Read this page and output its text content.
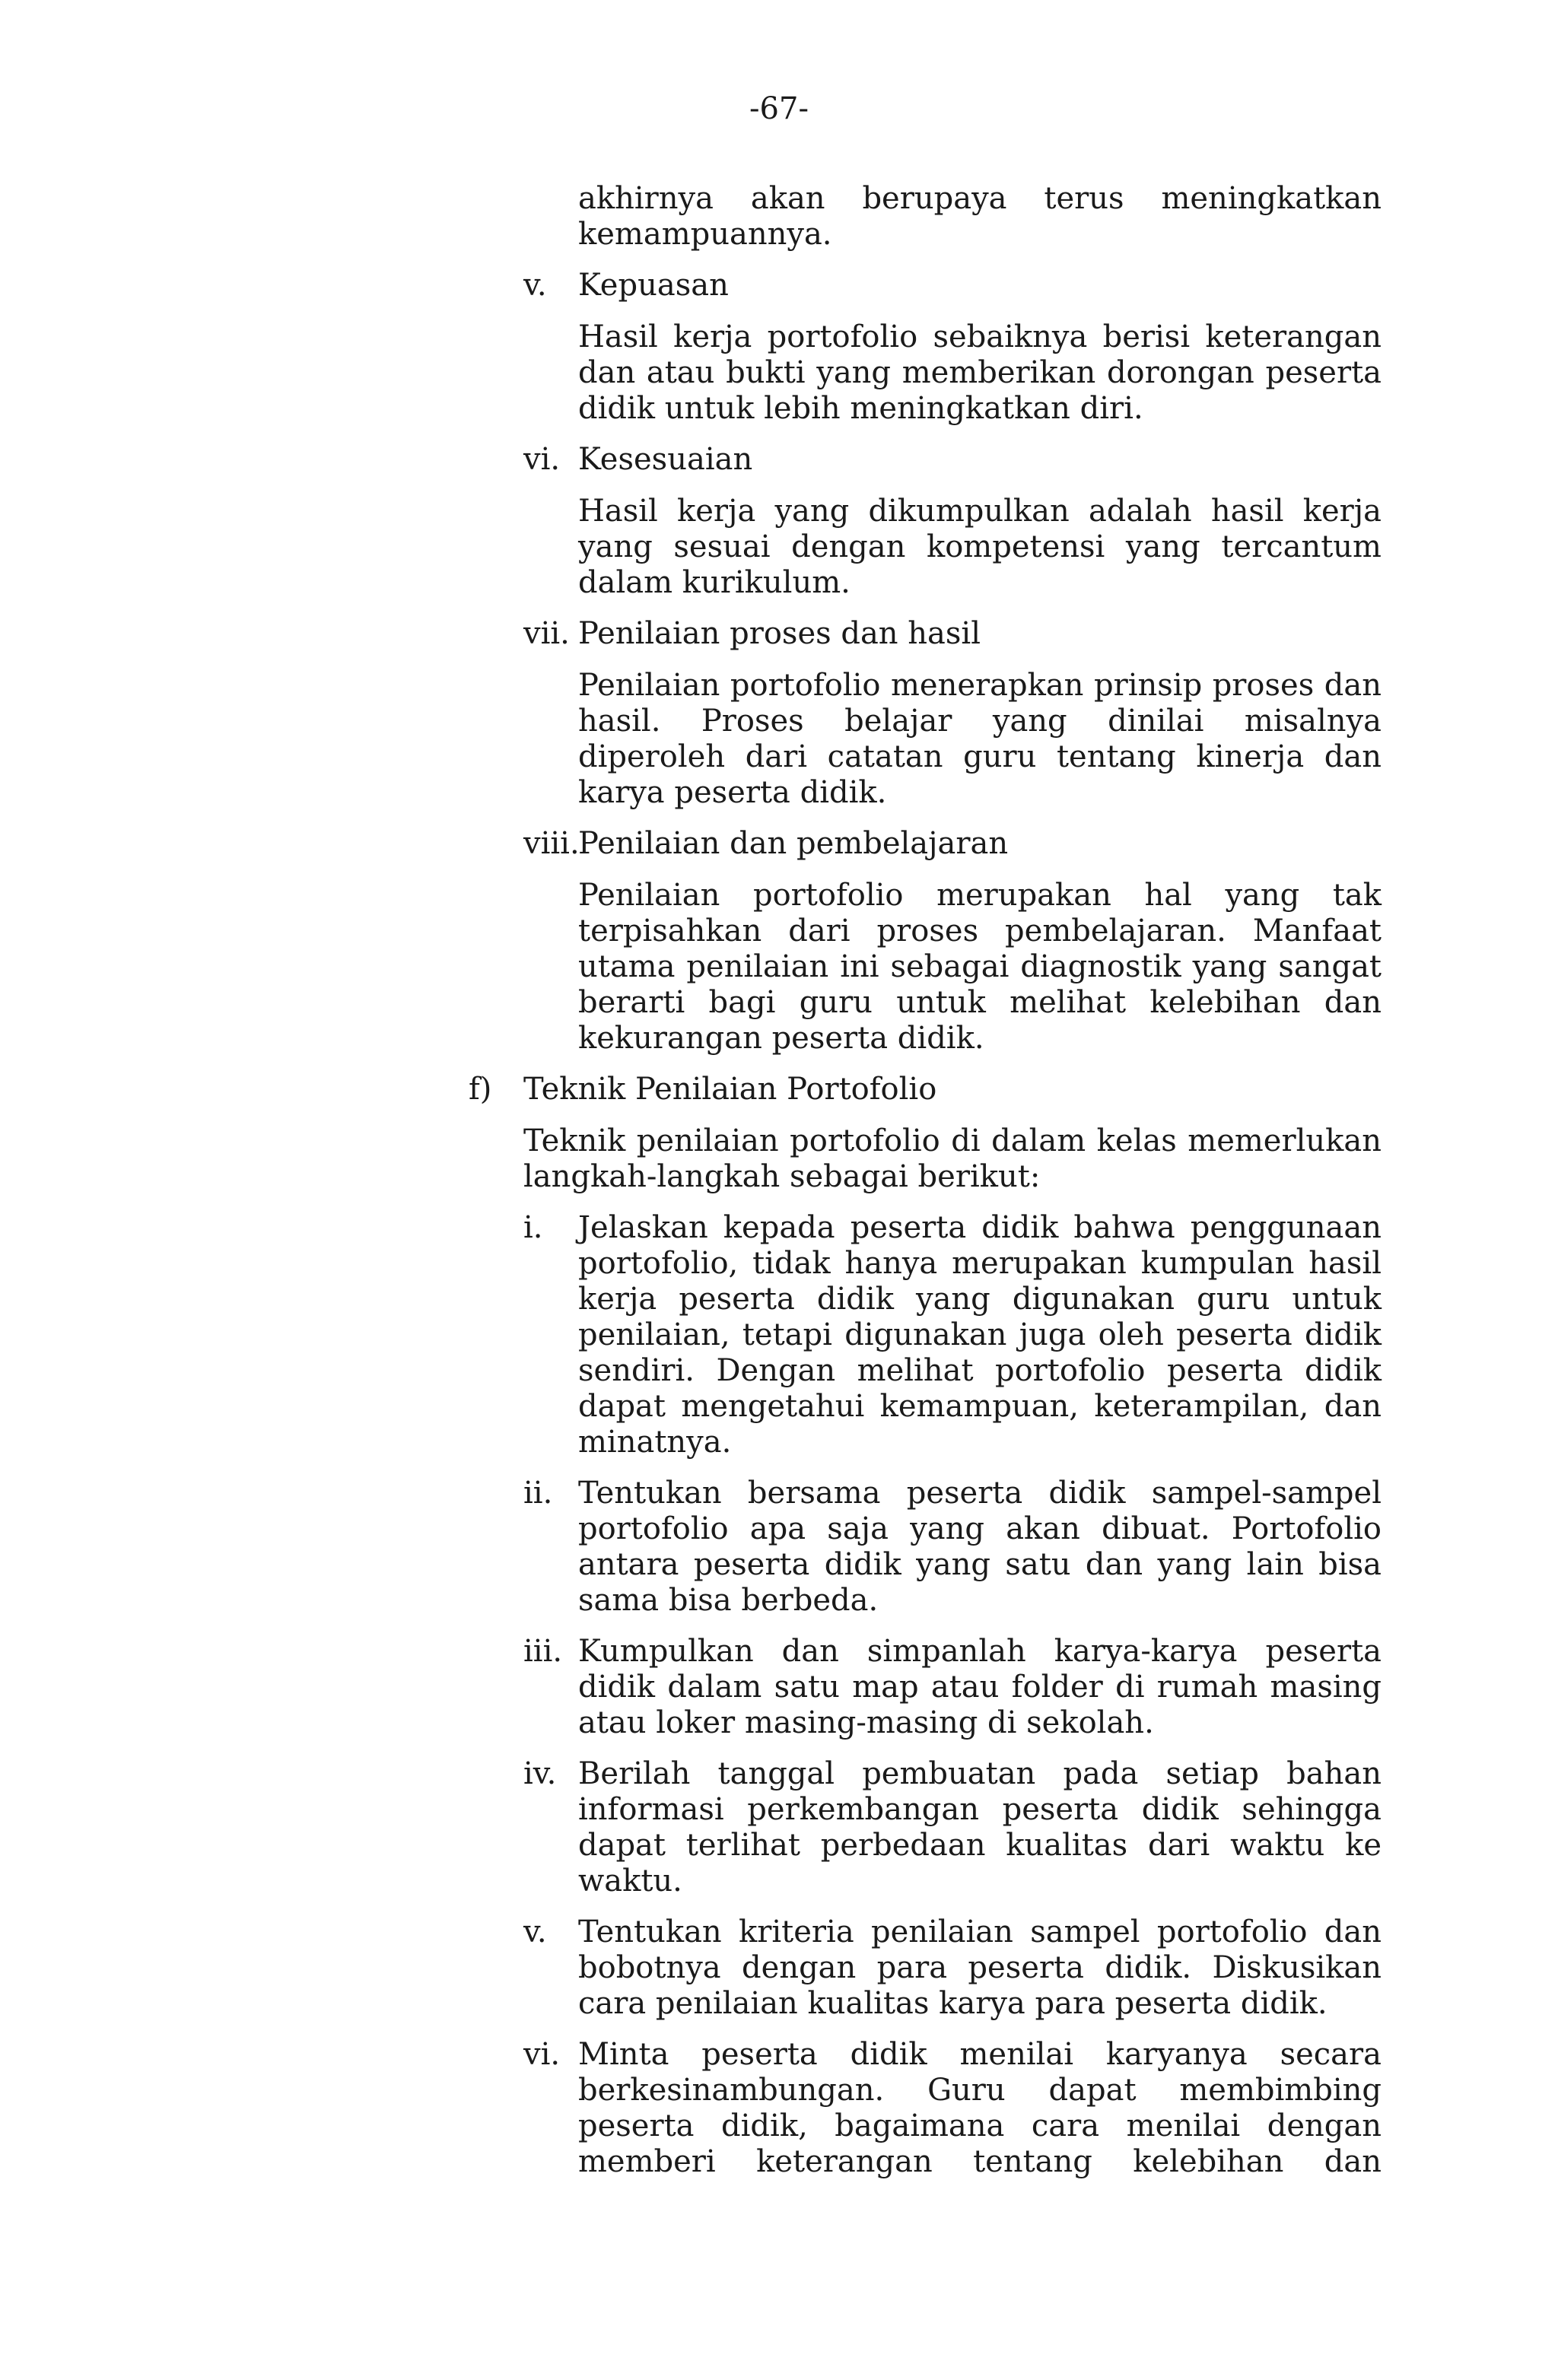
-67-

akhirnya akan berupaya terus meningkatkan kemampuannya.

v. Kepuasan

Hasil kerja portofolio sebaiknya berisi keterangan dan atau bukti yang memberikan dorongan peserta didik untuk lebih meningkatkan diri.

vi. Kesesuaian

Hasil kerja yang dikumpulkan adalah hasil kerja yang sesuai dengan kompetensi yang tercantum dalam kurikulum.

vii. Penilaian proses dan hasil

Penilaian portofolio menerapkan prinsip proses dan hasil. Proses belajar yang dinilai misalnya diperoleh dari catatan guru tentang kinerja dan karya peserta didik.

viii.
Penilaian dan pembelajaran

Penilaian portofolio merupakan hal yang tak terpisahkan dari proses pembelajaran. Manfaat utama penilaian ini sebagai diagnostik yang sangat berarti bagi guru untuk melihat kelebihan dan kekurangan peserta didik.

f) Teknik Penilaian Portofolio

Teknik penilaian portofolio di dalam kelas memerlukan langkah-langkah sebagai berikut:

i. Jelaskan kepada peserta didik bahwa penggunaan portofolio, tidak hanya merupakan kumpulan hasil kerja peserta didik yang digunakan guru untuk penilaian, tetapi digunakan juga oleh peserta didik sendiri. Dengan melihat portofolio peserta didik dapat mengetahui kemampuan, keterampilan, dan minatnya.

ii. Tentukan bersama peserta didik sampel-sampel portofolio apa saja yang akan dibuat. Portofolio antara peserta didik yang satu dan yang lain bisa sama bisa berbeda.

iii. Kumpulkan dan simpanlah karya-karya peserta didik dalam satu map atau folder di rumah masing atau loker masing-masing di sekolah.

iv. Berilah tanggal pembuatan pada setiap bahan informasi perkembangan peserta didik sehingga dapat terlihat perbedaan kualitas dari waktu ke waktu.

v. Tentukan kriteria penilaian sampel portofolio dan bobotnya dengan para peserta didik. Diskusikan cara penilaian kualitas karya para peserta didik.

vi. Minta peserta didik menilai karyanya secara berkesinambungan. Guru dapat membimbing peserta didik, bagaimana cara menilai dengan memberi keterangan tentang kelebihan dan
